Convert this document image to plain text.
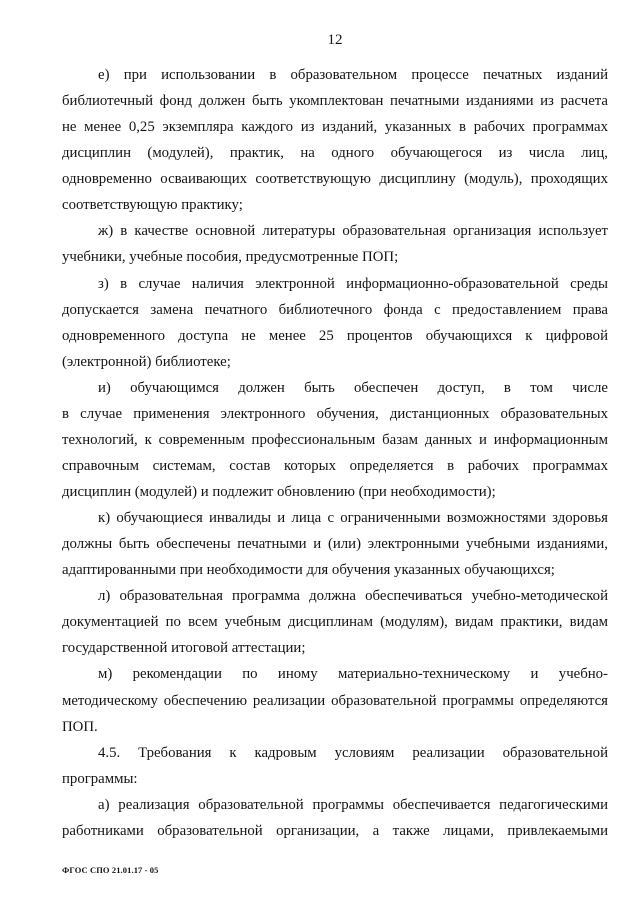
12
е) при использовании в образовательном процессе печатных изданий
библиотечный фонд должен быть укомплектован печатными изданиями из расчета
не менее 0,25 экземпляра каждого из изданий, указанных в рабочих программах
дисциплин (модулей), практик, на одного обучающегося из числа лиц,
одновременно осваивающих соответствующую дисциплину (модуль), проходящих
соответствующую практику;
ж) в качестве основной литературы образовательная организация использует
учебники, учебные пособия, предусмотренные ПОП;
з) в случае наличия электронной информационно-образовательной среды
допускается замена печатного библиотечного фонда с предоставлением права
одновременного доступа не менее 25 процентов обучающихся к цифровой
(электронной) библиотеке;
и) обучающимся должен быть обеспечен доступ, в том числе
в случае применения электронного обучения, дистанционных образовательных
технологий, к современным профессиональным базам данных и информационным
справочным системам, состав которых определяется в рабочих программах
дисциплин (модулей) и подлежит обновлению (при необходимости);
к) обучающиеся инвалиды и лица с ограниченными возможностями здоровья
должны быть обеспечены печатными и (или) электронными учебными изданиями,
адаптированными при необходимости для обучения указанных обучающихся;
л) образовательная программа должна обеспечиваться учебно-методической
документацией по всем учебным дисциплинам (модулям), видам практики, видам
государственной итоговой аттестации;
м) рекомендации по иному материально-техническому и учебно-
методическому обеспечению реализации образовательной программы определяются
ПОП.
4.5. Требования к кадровым условиям реализации образовательной
программы:
а) реализация образовательной программы обеспечивается педагогическими
работниками образовательной организации, а также лицами, привлекаемыми
ФГОС СПО 21.01.17 - 05
